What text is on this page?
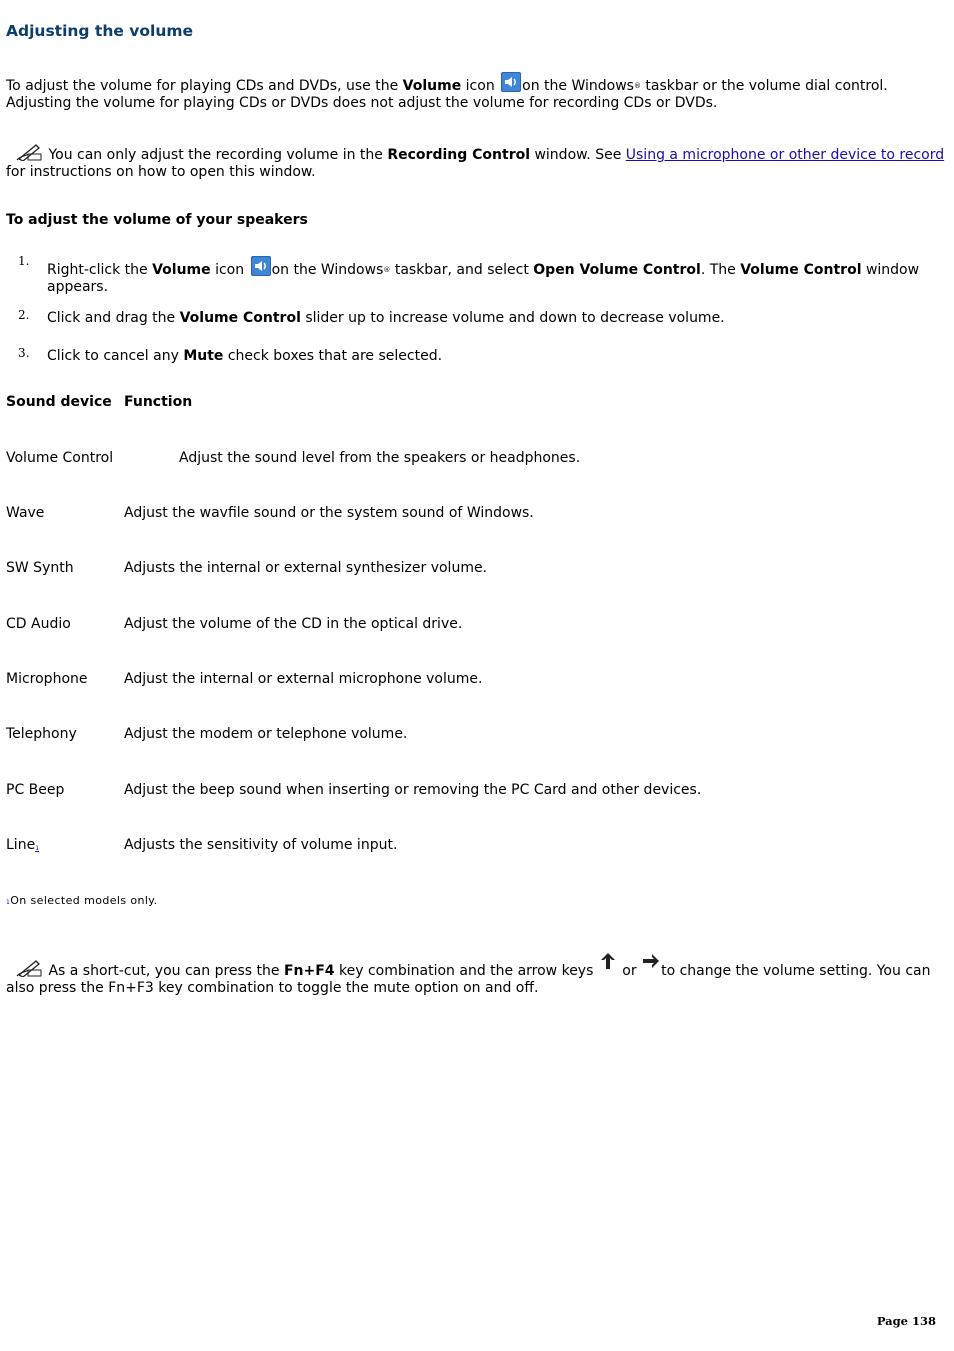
Adjusting the volume

To adjust the volume for playing CDs and DVDs, use the Volume icon on the Windows® taskbar or the volume dial control. Adjusting the volume for playing CDs or DVDs does not adjust the volume for recording CDs or DVDs.

You can only adjust the recording volume in the Recording Control window. See Using a microphone or other device to record for instructions on how to open this window.

To adjust the volume of your speakers
1.
Right-click the Volume icon on the Windows® taskbar, and select Open Volume Control. The Volume Control window appears.
2. Click and drag the Volume Control slider up to increase volume and down to decrease volume.
3. Click to cancel any Mute check boxes that are selected.
Sound device Function
Volume Control	Adjust the sound level from the speakers or headphones.
Wave	Adjust the wavfile sound or the system sound of Windows.
SW Synth	Adjusts the internal or external synthesizer volume.
CD Audio	Adjust the volume of the CD in the optical drive.
Microphone	Adjust the internal or external microphone volume.
Telephony	Adjust the modem or telephone volume.
PC Beep	Adjust the beep sound when inserting or removing the PC Card and other devices.
Line1	Adjusts the sensitivity of volume input.

1On selected models only.

As a short-cut, you can press the Fn+F4 key combination and the arrow keys  or to change the volume setting. You can also press the Fn+F3 key combination to toggle the mute option on and off.

Page 138
